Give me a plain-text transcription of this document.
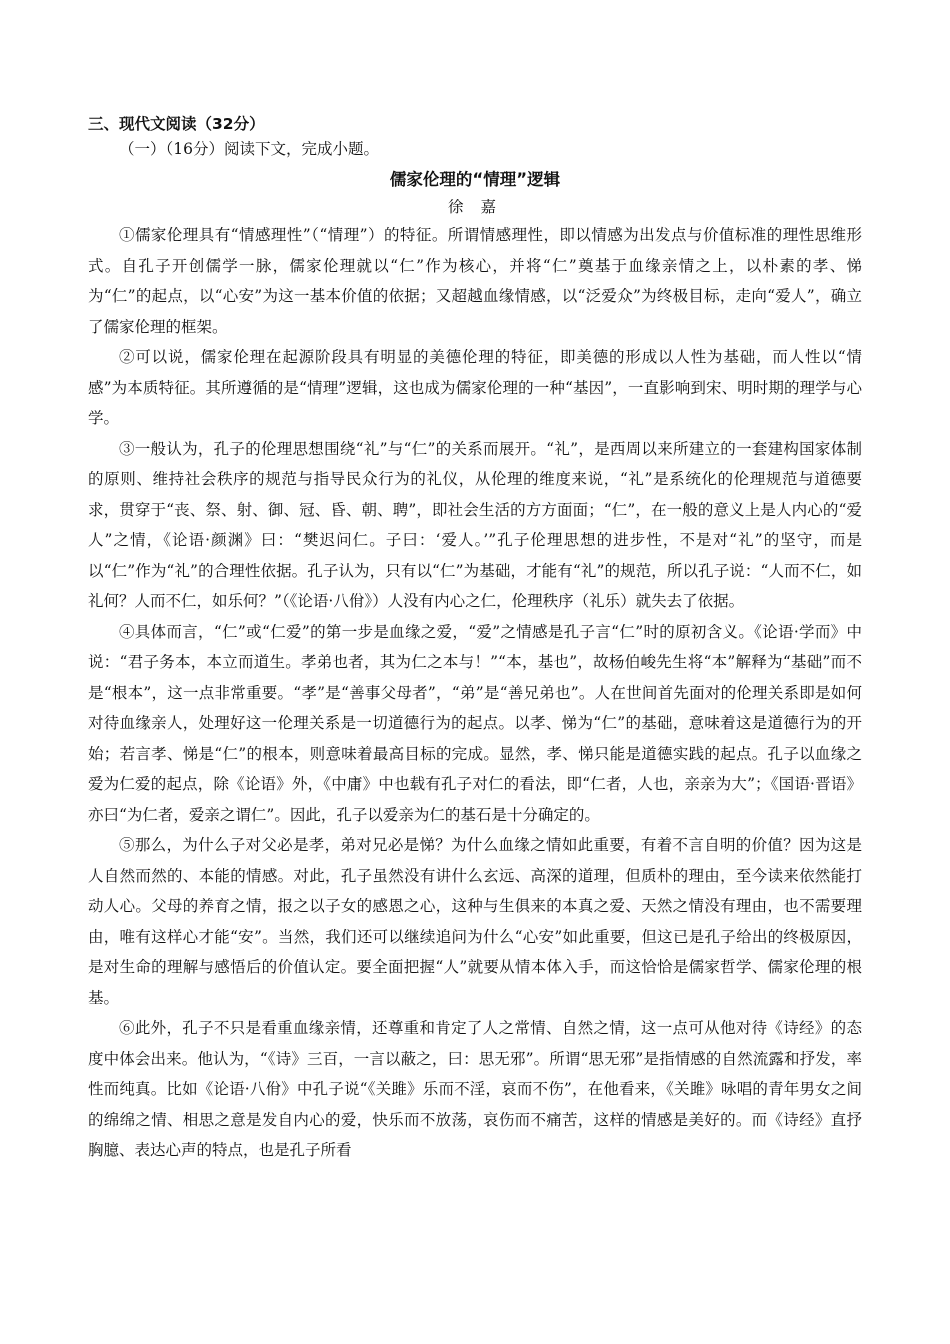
三、现代文阅读（32分）

（一）（16分）阅读下文，完成小题。

儒家伦理的“情理”逻辑

徐 嘉

①儒家伦理具有“情感理性”（“情理”）的特征。所谓情感理性，即以情感为出发点与价值标准的理性思维形式。自孔子开创儒学一脉，儒家伦理就以“仁”作为核心，并将“仁”奠基于血缘亲情之上，以朴素的孝、悌为“仁”的起点，以“心安”为这一基本价值的依据；又超越血缘情感，以“泛爱众”为终极目标，走向“爱人”，确立了儒家伦理的框架。

②可以说，儒家伦理在起源阶段具有明显的美德伦理的特征，即美德的形成以人性为基础，而人性以“情感”为本质特征。其所遵循的是“情理”逻辑，这也成为儒家伦理的一种“基因”，一直影响到宋、明时期的理学与心学。

③一般认为，孔子的伦理思想围绕“礼”与“仁”的关系而展开。“礼”，是西周以来所建立的一套建构国家体制的原则、维持社会秩序的规范与指导民众行为的礼仪，从伦理的维度来说，“礼”是系统化的伦理规范与道德要求，贯穿于“丧、祭、射、御、冠、昏、朝、聘”，即社会生活的方方面面；“仁”，在一般的意义上是人内心的“爱人”之情，《论语·颜渊》曰：“樊迟问仁。子曰：‘爱人。’”孔子伦理思想的进步性，不是对“礼”的坚守，而是以“仁”作为“礼”的合理性依据。孔子认为，只有以“仁”为基础，才能有“礼”的规范，所以孔子说：“人而不仁，如礼何？人而不仁，如乐何？”（《论语·八佾》）人没有内心之仁，伦理秩序（礼乐）就失去了依据。

④具体而言，“仁”或“仁爱”的第一步是血缘之爱，“爱”之情感是孔子言“仁”时的原初含义。《论语·学而》中说：“君子务本，本立而道生。孝弟也者，其为仁之本与！”“本，基也”，故杨伯峻先生将“本”解释为“基础”而不是“根本”，这一点非常重要。“孝”是“善事父母者”，“弟”是“善兄弟也”。人在世间首先面对的伦理关系即是如何对待血缘亲人，处理好这一伦理关系是一切道德行为的起点。以孝、悌为“仁”的基础，意味着这是道德行为的开始；若言孝、悌是“仁”的根本，则意味着最高目标的完成。显然，孝、悌只能是道德实践的起点。孔子以血缘之爱为仁爱的起点，除《论语》外，《中庸》中也载有孔子对仁的看法，即“仁者，人也，亲亲为大”；《国语·晋语》亦曰“为仁者，爱亲之谓仁”。因此，孔子以爱亲为仁的基石是十分确定的。

⑤那么，为什么子对父必是孝，弟对兄必是悌？为什么血缘之情如此重要，有着不言自明的价值？因为这是人自然而然的、本能的情感。对此，孔子虽然没有讲什么玄远、高深的道理，但质朴的理由，至今读来依然能打动人心。父母的养育之情，报之以子女的感恩之心，这种与生俱来的本真之爱、天然之情没有理由，也不需要理由，唯有这样心才能“安”。当然，我们还可以继续追问为什么“心安”如此重要，但这已是孔子给出的终极原因，是对生命的理解与感悟后的价值认定。要全面把握“人”就要从情本体入手，而这恰恰是儒家哲学、儒家伦理的根基。

⑥此外，孔子不只是看重血缘亲情，还尊重和肯定了人之常情、自然之情，这一点可从他对待《诗经》的态度中体会出来。他认为，“《诗》三百，一言以蔽之，曰：思无邪”。所谓“思无邪”是指情感的自然流露和抒发，率性而纯真。比如《论语·八佾》中孔子说“《关雎》乐而不淫，哀而不伤”，在他看来，《关雎》咏唱的青年男女之间的绵绵之情、相思之意是发自内心的爱，快乐而不放荡，哀伤而不痛苦，这样的情感是美好的。而《诗经》直抒胸臆、表达心声的特点，也是孔子所看
